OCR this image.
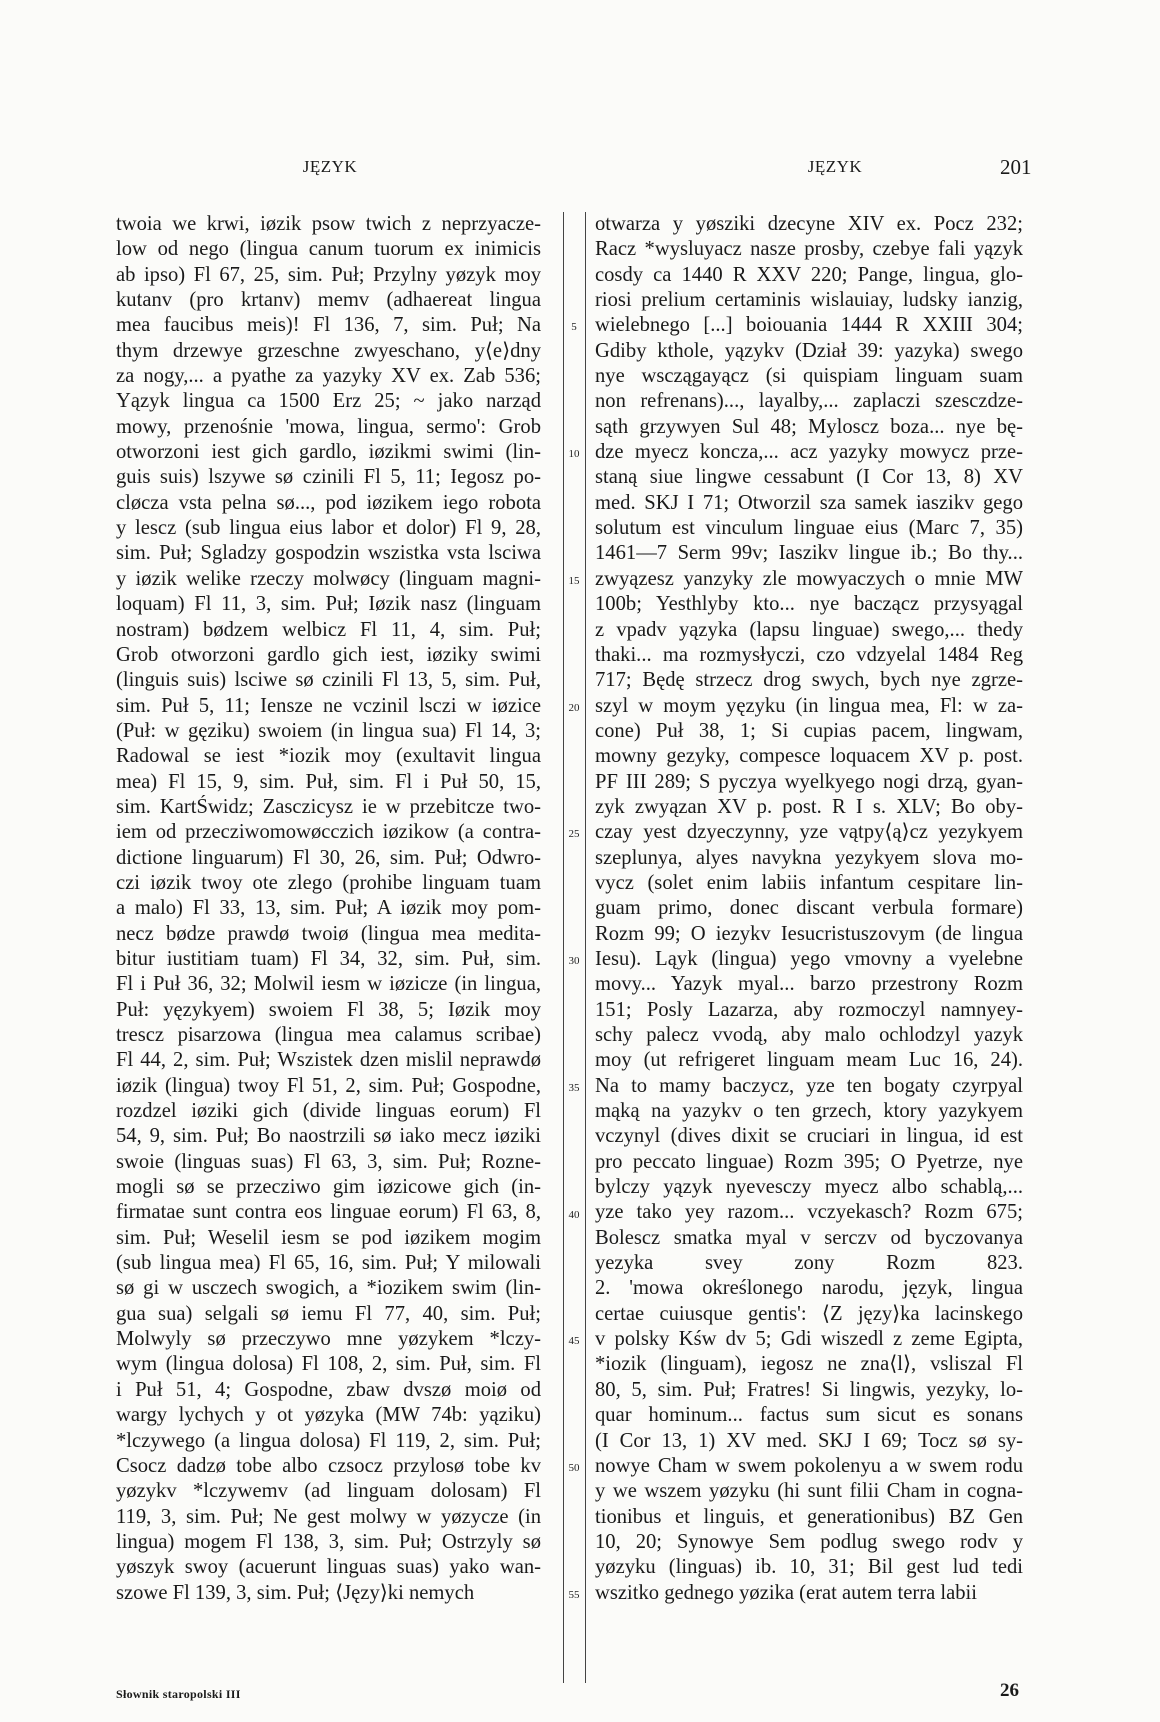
JĘZYK	JĘZYK	201
twoia we krwi, iøzik psow twich z neprzyacze-
low od nego (lingua canum tuorum ex inimicis
ab ipso) Fl 67, 25, sim. Puł; Przylny yøzyk moy
kutanv (pro krtanv) memv (adhaereat lingua
mea faucibus meis)! Fl 136, 7, sim. Puł; Na
thym drzewye grzeschne zwyeschano, y⟨e⟩dny
za nogy,... a pyathe za yazyky XV ex. Zab 536;
Yązyk lingua ca 1500 Erz 25; ~ jako narząd
mowy, przenośnie 'mowa, lingua, sermo': Grob
otworzoni iest gich gardlo, iøzikmi swimi (lin-
guis suis) lszywe sø czinili Fl 5, 11; Iegosz po-
cløcza vsta pelna sø..., pod iøzikem iego robota
y lescz (sub lingua eius labor et dolor) Fl 9, 28,
sim. Puł; Sgladzy gospodzin wszistka vsta lsciwa
y iøzik welike rzeczy molwøcy (linguam magni-
loquam) Fl 11, 3, sim. Puł; Iøzik nasz (linguam
nostram) bødzem welbicz Fl 11, 4, sim. Puł;
Grob otworzoni gardlo gich iest, iøziky swimi
(linguis suis) lsciwe sø czinili Fl 13, 5, sim. Puł,
sim. Puł 5, 11; Iensze ne vczinil lsczi w iøzice
(Puł: w gęziku) swoiem (in lingua sua) Fl 14, 3;
Radowal se iest *iozik moy (exultavit lingua
mea) Fl 15, 9, sim. Puł, sim. Fl i Puł 50, 15,
sim. KartŚwidz; Zasczicysz ie w przebitcze two-
iem od przecziwomowøcczich iøzikow (a contra-
dictione linguarum) Fl 30, 26, sim. Puł; Odwro-
czi iøzik twoy ote zlego (prohibe linguam tuam
a malo) Fl 33, 13, sim. Puł; A iøzik moy pom-
necz bødze prawdø twoiø (lingua mea medita-
bitur iustitiam tuam) Fl 34, 32, sim. Puł, sim.
Fl i Puł 36, 32; Molwil iesm w iøzicze (in lingua,
Puł: yęzykyem) swoiem Fl 38, 5; Iøzik moy
trescz pisarzowa (lingua mea calamus scribae)
Fl 44, 2, sim. Puł; Wszistek dzen mislil neprawdø
iøzik (lingua) twoy Fl 51, 2, sim. Puł; Gospodne,
rozdzel iøziki gich (divide linguas eorum) Fl
54, 9, sim. Puł; Bo naostrzili sø iako mecz iøziki
swoie (linguas suas) Fl 63, 3, sim. Puł; Rozne-
mogli sø se przecziwo gim iøzicowe gich (in-
firmatae sunt contra eos linguae eorum) Fl 63, 8,
sim. Puł; Weselil iesm se pod iøzikem mogim
(sub lingua mea) Fl 65, 16, sim. Puł; Y milowali
sø gi w usczech swogich, a *iozikem swim (lin-
gua sua) selgali sø iemu Fl 77, 40, sim. Puł;
Molwyly sø przeczywo mne yøzykem *lczy-
wym (lingua dolosa) Fl 108, 2, sim. Puł, sim. Fl
i Puł 51, 4; Gospodne, zbaw dvszø moiø od
wargy lychych y ot yøzyka (MW 74b: yąziku)
*lczywego (a lingua dolosa) Fl 119, 2, sim. Puł;
Csocz dadzø tobe albo czsocz przylosø tobe kv
yøzykv *lczywemv (ad linguam dolosam) Fl
119, 3, sim. Puł; Ne gest molwy w yøzycze (in
lingua) mogem Fl 138, 3, sim. Puł; Ostrzyly sø
yøszyk swoy (acuerunt linguas suas) yako wan-
szowe Fl 139, 3, sim. Puł; ⟨Języ⟩ki nemych
5
10
15
20
25
30
35
40
45
50
55
otwarza y yøsziki dzecyne XIV ex. Pocz 232;
Racz *wysluyacz nasze prosby, czebye fali yązyk
cosdy ca 1440 R XXV 220; Pange, lingua, glo-
riosi prelium certaminis wislauiay, ludsky ianzig,
wielebnego [...] boiouania 1444 R XXIII 304;
Gdiby kthole, yązykv (Dział 39: yazyka) swego
nye wsczągayącz (si quispiam linguam suam
non refrenans)..., layalby,... zaplaczi szesczdze-
sąth grzywyen Sul 48; Myloscz boza... nye bę-
dze myecz koncza,... acz yazyky mowycz prze-
staną siue lingwe cessabunt (I Cor 13, 8) XV
med. SKJ I 71; Otworzil sza samek iaszikv gego
solutum est vinculum linguae eius (Marc 7, 35)
1461—7 Serm 99v; Iaszikv lingue ib.; Bo thy...
zwyązesz yanzyky zle mowyaczych o mnie MW
100b; Yesthlyby kto... nye baczącz przysyągal
z vpadv yązyka (lapsu linguae) swego,... thedy
thaki... ma rozmysłyczi, czo vdzyelal 1484 Reg
717; Będę strzecz drog swych, bych nye zgrze-
szyl w moym yęzyku (in lingua mea, Fl: w za-
cone) Puł 38, 1; Si cupias pacem, lingwam,
mowny gezyky, compesce loquacem XV p. post.
PF III 289; S pyczya wyelkyego nogi drzą, gyan-
zyk zwyązan XV p. post. R I s. XLV; Bo oby-
czay yest dzyeczynny, yze vątpy⟨ą⟩cz yezykyem
szeplunya, alyes navykna yezykyem slova mo-
vycz (solet enim labiis infantum cespitare lin-
guam primo, donec discant verbula formare)
Rozm 99; O iezykv Iesucristuszovym (de lingua
Iesu). Ląyk (lingua) yego vmovny a vyelebne
movy... Yazyk myal... barzo przestrony Rozm
151; Posly Lazarza, aby rozmoczyl namnyey-
schy palecz vvodą, aby malo ochlodzyl yazyk
moy (ut refrigeret linguam meam Luc 16, 24).
Na to mamy baczycz, yze ten bogaty czyrpyal
mąką na yazykv o ten grzech, ktory yazykyem
vczynyl (dives dixit se cruciari in lingua, id est
pro peccato linguae) Rozm 395; O Pyetrze, nye
bylczy yązyk nyevesczy myecz albo schablą,...
yze tako yey razom... vczyekasch? Rozm 675;
Bolescz smatka myal v serczv od byczovanya
yezyka svey zony Rozm 823.
2. 'mowa określonego narodu, język, lingua
certae cuiusque gentis': ⟨Z języ⟩ka lacinskego
v polsky Kśw dv 5; Gdi wiszedl z zeme Egipta,
*iozik (linguam), iegosz ne zna⟨l⟩, vsliszal Fl
80, 5, sim. Puł; Fratres! Si lingwis, yezyky, lo-
quar hominum... factus sum sicut es sonans
(I Cor 13, 1) XV med. SKJ I 69; Tocz sø sy-
nowye Cham w swem pokolenyu a w swem rodu
y we wszem yøzyku (hi sunt filii Cham in cogna-
tionibus et linguis, et generationibus) BZ Gen
10, 20; Synowye Sem podlug swego rodv y
yøzyku (linguas) ib. 10, 31; Bil gest lud tedi
wszitko gednego yøzika (erat autem terra labii
Słownik staropolski III	26
